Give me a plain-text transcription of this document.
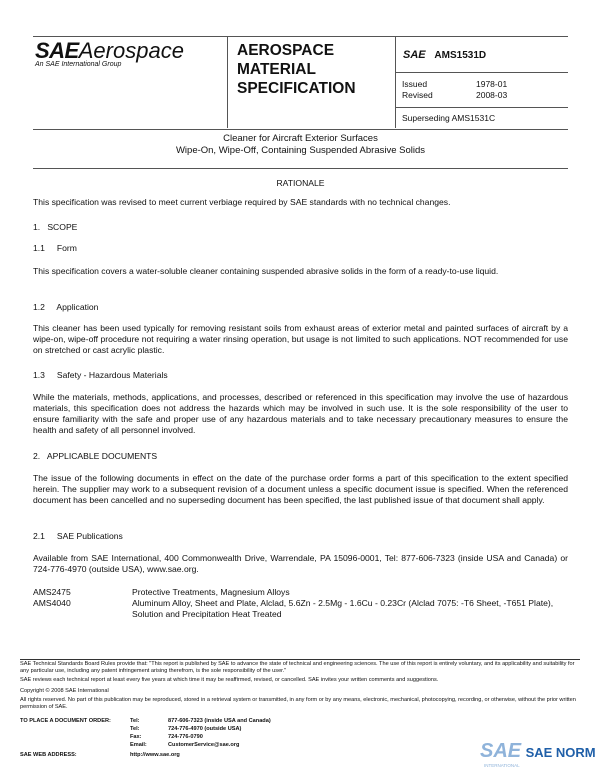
SAEAerospace
An SAE International Group
AEROSPACE
MATERIAL
SPECIFICATION
SAE AMS1531D
Issued	1978-01
Revised	2008-03
Superseding AMS1531C
Cleaner for Aircraft Exterior Surfaces
Wipe-On, Wipe-Off, Containing Suspended Abrasive Solids
RATIONALE
This specification was revised to meet current verbiage required by SAE standards with no technical changes.
1.   SCOPE
1.1     Form
This specification covers a water-soluble cleaner containing suspended abrasive solids in the form of a ready-to-use liquid.
1.2     Application
This cleaner has been used typically for removing resistant soils from exhaust areas of exterior metal and painted surfaces of aircraft by a wipe-on, wipe-off procedure not requiring a water rinsing operation, but usage is not limited to such applications. NOT recommended for use on stretched or cast acrylic plastic.
1.3     Safety - Hazardous Materials
While the materials, methods, applications, and processes, described or referenced in this specification may involve the use of hazardous materials, this specification does not address the hazards which may be involved in such use. It is the sole responsibility of the user to ensure familiarity with the safe and proper use of any hazardous materials and to take necessary precautionary measures to ensure the health and safety of all personnel involved.
2.   APPLICABLE DOCUMENTS
The issue of the following documents in effect on the date of the purchase order forms a part of this specification to the extent specified herein. The supplier may work to a subsequent revision of a document unless a specific document issue is specified. When the referenced document has been cancelled and no superseding document has been specified, the last published issue of that document shall apply.
2.1     SAE Publications
Available from SAE International, 400 Commonwealth Drive, Warrendale, PA 15096-0001, Tel: 877-606-7323 (inside USA and Canada) or 724-776-4970 (outside USA), www.sae.org.
AMS2475	Protective Treatments, Magnesium Alloys
AMS4040	Aluminum Alloy, Sheet and Plate, Alclad, 5.6Zn - 2.5Mg - 1.6Cu - 0.23Cr (Alclad 7075: -T6 Sheet, -T651 Plate), Solution and Precipitation Heat Treated
SAE Technical Standards Board Rules provide that: "This report is published by SAE to advance the state of technical and engineering sciences. The use of this report is entirely voluntary, and its applicability and suitability for any particular use, including any patent infringement arising therefrom, is the sole responsibility of the user."
SAE reviews each technical report at least every five years at which time it may be reaffirmed, revised, or cancelled. SAE invites your written comments and suggestions.
Copyright © 2008 SAE International
All rights reserved. No part of this publication may be reproduced, stored in a retrieval system or transmitted, in any form or by any means, electronic, mechanical, photocopying, recording, or otherwise, without the prior written permission of SAE.
TO PLACE A DOCUMENT ORDER:	Tel:	877-606-7323 (inside USA and Canada)
Tel:	724-776-4970 (outside USA)
Fax:	724-776-0790
Email:	CustomerService@sae.org
SAE WEB ADDRESS:	http://www.sae.org	SAE SAE NORM
INTERNATIONAL
